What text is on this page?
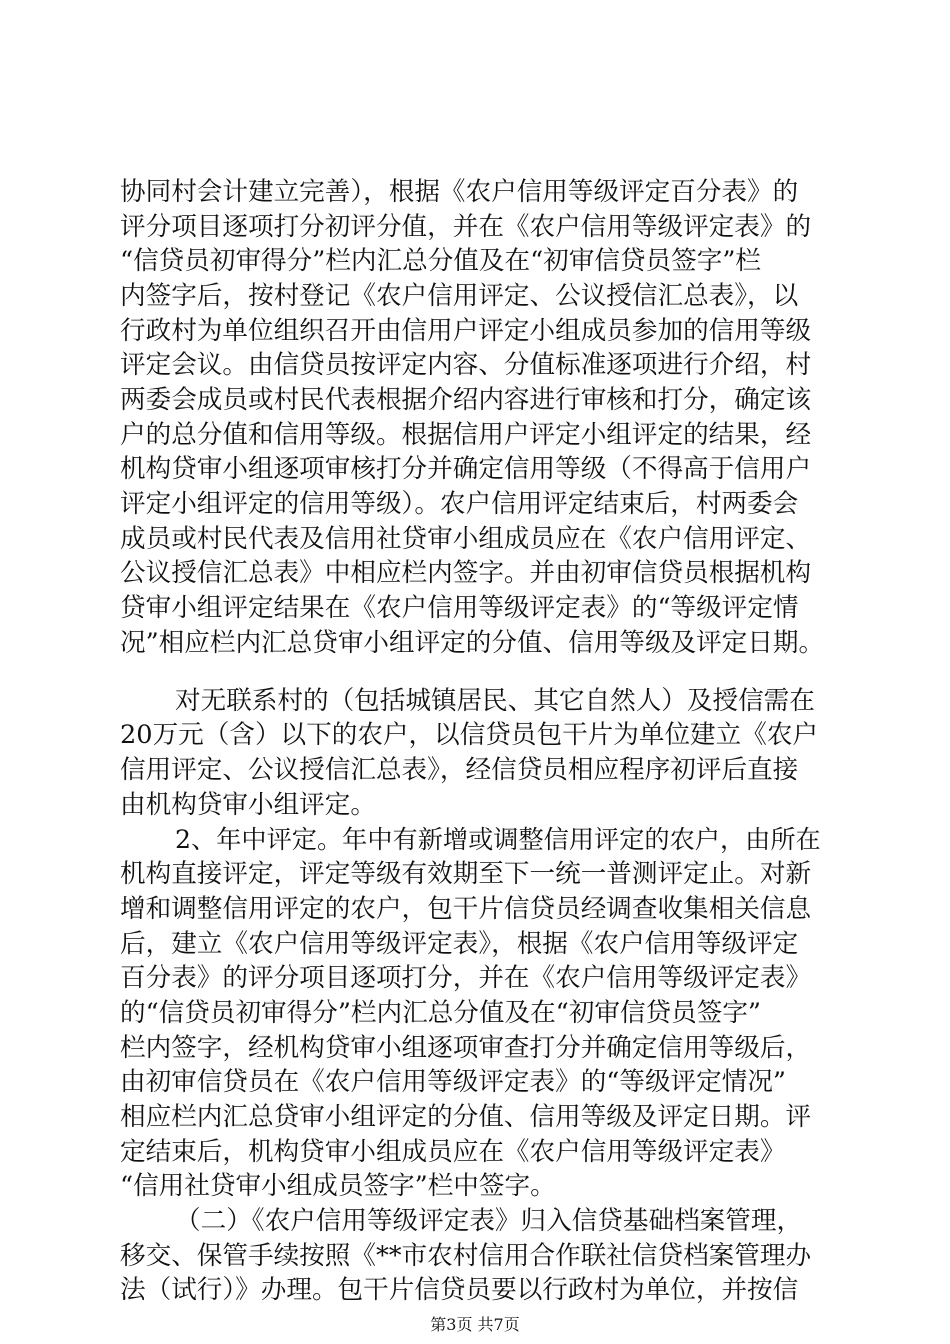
协同村会计建立完善），根据《农户信用等级评定百分表》的
评分项目逐项打分初评分值，并在《农户信用等级评定表》的
“信贷员初审得分”栏内汇总分值及在“初审信贷员签字”栏
内签字后，按村登记《农户信用评定、公议授信汇总表》，以
行政村为单位组织召开由信用户评定小组成员参加的信用等级
评定会议。由信贷员按评定内容、分值标准逐项进行介绍，村
两委会成员或村民代表根据介绍内容进行审核和打分，确定该
户的总分值和信用等级。根据信用户评定小组评定的结果，经
机构贷审小组逐项审核打分并确定信用等级（不得高于信用户
评定小组评定的信用等级）。农户信用评定结束后，村两委会
成员或村民代表及信用社贷审小组成员应在《农户信用评定、
公议授信汇总表》中相应栏内签字。并由初审信贷员根据机构
贷审小组评定结果在《农户信用等级评定表》的“等级评定情
况”相应栏内汇总贷审小组评定的分值、信用等级及评定日期。
对无联系村的（包括城镇居民、其它自然人）及授信需在
20万元（含）以下的农户，以信贷员包干片为单位建立《农户
信用评定、公议授信汇总表》，经信贷员相应程序初评后直接
由机构贷审小组评定。
2、年中评定。年中有新增或调整信用评定的农户，由所在
机构直接评定，评定等级有效期至下一统一普测评定止。对新
增和调整信用评定的农户，包干片信贷员经调查收集相关信息
后，建立《农户信用等级评定表》，根据《农户信用等级评定
百分表》的评分项目逐项打分，并在《农户信用等级评定表》
的“信贷员初审得分”栏内汇总分值及在“初审信贷员签字”
栏内签字，经机构贷审小组逐项审查打分并确定信用等级后，
由初审信贷员在《农户信用等级评定表》的“等级评定情况”
相应栏内汇总贷审小组评定的分值、信用等级及评定日期。评
定结束后，机构贷审小组成员应在《农户信用等级评定表》
“信用社贷审小组成员签字”栏中签字。
（二）《农户信用等级评定表》归入信贷基础档案管理，
移交、保管手续按照《**市农村信用合作联社信贷档案管理办
法（试行）》办理。包干片信贷员要以行政村为单位，并按信
第3页 共7页
